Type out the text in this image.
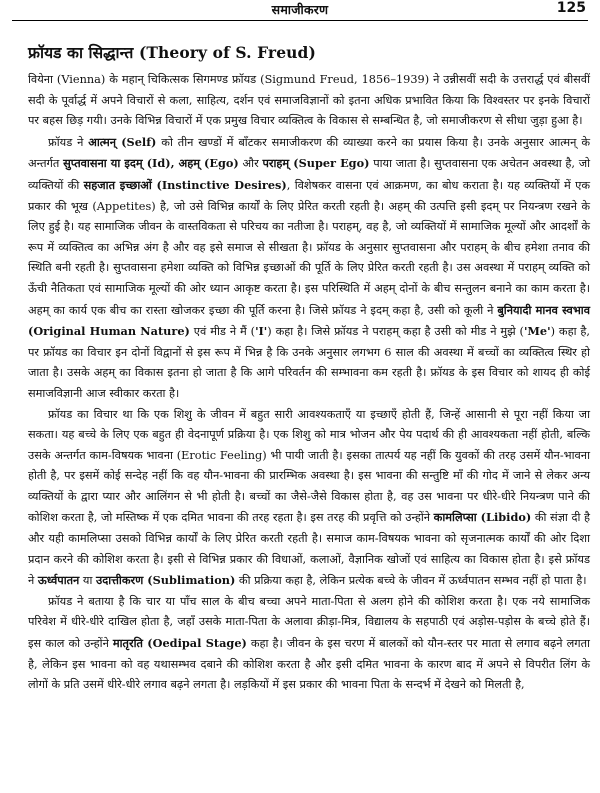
समाजीकरण	125
फ्रॉयड का सिद्धान्त (Theory of S. Freud)

वियेना (Vienna) के महान् चिकित्सक सिगमण्ड फ्रॉयड (Sigmund Freud, 1856–1939) ने उन्नीसवीं सदी के उत्तरार्द्ध एवं बीसवीं सदी के पूर्वार्द्ध में अपने विचारों से कला, साहित्य, दर्शन एवं समाजविज्ञानों को इतना अधिक प्रभावित किया कि विश्वस्तर पर इनके विचारों पर बहस छिड़ गयी। उनके विभिन्न विचारों में एक प्रमुख विचार व्यक्तित्व के विकास से सम्बन्धित है, जो समाजीकरण से सीधा जुड़ा हुआ है।

फ्रॉयड ने आत्मन् (Self) को तीन खण्डों में बाँटकर समाजीकरण की व्याख्या करने का प्रयास किया है। उनके अनुसार आत्मन् के अन्तर्गत सुप्तवासना या इदम् (Id), अहम् (Ego) और पराहम् (Super Ego) पाया जाता है। सुप्तवासना एक अचेतन अवस्था है, जो व्यक्तियों की सहजात इच्छाओं (Instinctive Desires), विशेषकर वासना एवं आक्रमण, का बोध कराता है। यह व्यक्तियों में एक प्रकार की भूख (Appetites) है, जो उसे विभिन्न कार्यों के लिए प्रेरित करती रहती है। अहम् की उत्पत्ति इसी इदम् पर नियन्त्रण रखने के लिए हुई है। यह सामाजिक जीवन के वास्तविकता से परिचय का नतीजा है। पराहम्, वह है, जो व्यक्तियों में सामाजिक मूल्यों और आदर्शों के रूप में व्यक्तित्व का अभिन्न अंग है और वह इसे समाज से सीखता है। फ्रॉयड के अनुसार सुप्तवासना और पराहम् के बीच हमेशा तनाव की स्थिति बनी रहती है। सुप्तवासना हमेशा व्यक्ति को विभिन्न इच्छाओं की पूर्ति के लिए प्रेरित करती रहती है। उस अवस्था में पराहम् व्यक्ति को ऊँची नैतिकता एवं सामाजिक मूल्यों की ओर ध्यान आकृष्ट करता है। इस परिस्थिति में अहम् दोनों के बीच सन्तुलन बनाने का काम करता है। अहम् का कार्य एक बीच का रास्ता खोजकर इच्छा की पूर्ति करना है। जिसे फ्रॉयड ने इदम् कहा है, उसी को कूली ने बुनियादी मानव स्वभाव (Original Human Nature) एवं मीड ने मैं ('I') कहा है। जिसे फ्रॉयड ने पराहम् कहा है उसी को मीड ने मुझे ('Me') कहा है, पर फ्रॉयड का विचार इन दोनों विद्वानों से इस रूप में भिन्न है कि उनके अनुसार लगभग 6 साल की अवस्था में बच्चों का व्यक्तित्व स्थिर हो जाता है। उसके अहम् का विकास इतना हो जाता है कि आगे परिवर्तन की सम्भावना कम रहती है। फ्रॉयड के इस विचार को शायद ही कोई समाजविज्ञानी आज स्वीकार करता है।

फ्रॉयड का विचार था कि एक शिशु के जीवन में बहुत सारी आवश्यकताएँ या इच्छाएँ होती हैं, जिन्हें आसानी से पूरा नहीं किया जा सकता। यह बच्चे के लिए एक बहुत ही वेदनापूर्ण प्रक्रिया है। एक शिशु को मात्र भोजन और पेय पदार्थ की ही आवश्यकता नहीं होती, बल्कि उसके अन्तर्गत काम-विषयक भावना (Erotic Feeling) भी पायी जाती है। इसका तात्पर्य यह नहीं कि युवकों की तरह उसमें यौन-भावना होती है, पर इसमें कोई सन्देह नहीं कि वह यौन-भावना की प्रारम्भिक अवस्था है। इस भावना की सन्तुष्टि माँ की गोद में जाने से लेकर अन्य व्यक्तियों के द्वारा प्यार और आलिंगन से भी होती है। बच्चों का जैसे-जैसे विकास होता है, वह उस भावना पर धीरे-धीरे नियन्त्रण पाने की कोशिश करता है, जो मस्तिष्क में एक दमित भावना की तरह रहता है। इस तरह की प्रवृत्ति को उन्होंने कामलिप्सा (Libido) की संज्ञा दी है और यही कामलिप्सा उसको विभिन्न कार्यों के लिए प्रेरित करती रहती है। समाज काम-विषयक भावना को सृजनात्मक कार्यों की ओर दिशा प्रदान करने की कोशिश करता है। इसी से विभिन्न प्रकार की विधाओं, कलाओं, वैज्ञानिक खोजों एवं साहित्य का विकास होता है। इसे फ्रॉयड ने ऊर्ध्वपातन या उदात्तीकरण (Sublimation) की प्रक्रिया कहा है, लेकिन प्रत्येक बच्चे के जीवन में ऊर्ध्वपातन सम्भव नहीं हो पाता है।

फ्रॉयड ने बताया है कि चार या पाँच साल के बीच बच्चा अपने माता-पिता से अलग होने की कोशिश करता है। एक नये सामाजिक परिवेश में धीरे-धीरे दाखिल होता है, जहाँ उसके माता-पिता के अलावा क्रीड़ा-मित्र, विद्यालय के सहपाठी एवं अड़ोस-पड़ोस के बच्चे होते हैं। इस काल को उन्होंने मातृरति (Oedipal Stage) कहा है। जीवन के इस चरण में बालकों को यौन-स्तर पर माता से लगाव बढ़ने लगता है, लेकिन इस भावना को वह यथासम्भव दबाने की कोशिश करता है और इसी दमित भावना के कारण बाद में अपने से विपरीत लिंग के लोगों के प्रति उसमें धीरे-धीरे लगाव बढ़ने लगता है। लड़कियों में इस प्रकार की भावना पिता के सन्दर्भ में देखने को मिलती है,
